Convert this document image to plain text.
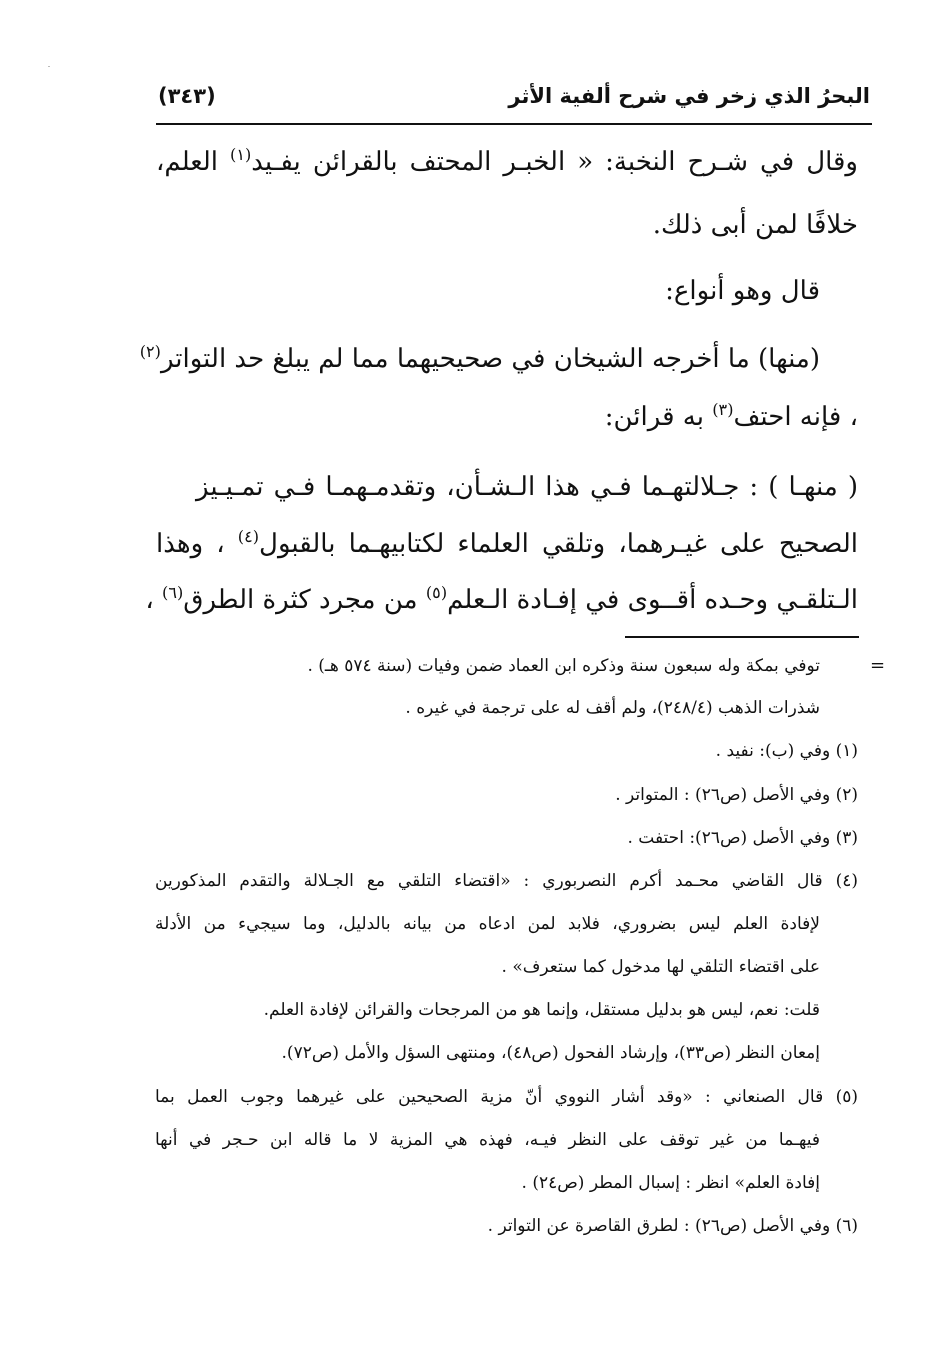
البحرُ الذي زخر في شرح ألفية الأثر
(٣٤٣)
وقال في شـرح النخبة: « الخبـر المحتف بالقرائن يفـيد$^{(١)}$ العلم،
خلافًا لمن أبى ذلك.
قال وهو أنواع:
(منها) ما أخرجه الشيخان في صحيحيهما مما لم يبلغ حد التواتر$^{(٢)}$
، فإنه احتف$^{(٣)}$ به قرائن:
( منهـا ) : جـلالتهـما فـي هذا الـشـأن، وتقدمـهمـا فـي تمـيـيز
الصحيح على غيـرهما، وتلقي العلماء لكتابيهـما بالقبول$^{(٤)}$ ، وهذا
الـتلقـي وحـده أقــوى في إفـادة الـعلم$^{(٥)}$ من مجرد كثرة الطرق$^{(٦)}$ ،
=
توفي بمكة وله سبعون سنة وذكره ابن العماد ضمن وفيات (سنة ٥٧٤ هـ) .
شذرات الذهب (٢٤٨/٤)، ولم أقف له على ترجمة في غيره .
(١) وفي (ب): نفيد .
(٢) وفي الأصل (ص٢٦) : المتواتر .
(٣) وفي الأصل (ص٢٦): احتفت .
(٤) قال القاضي محـمد أكرم النصربوري : «اقتضاء التلقي مع الجـلالة والتقدم المذكورين
لإفادة العلم ليس بضروري، فلابد لمن ادعاه من بيانه بالدليل، وما سيجيء من الأدلة
على اقتضاء التلقي لها مدخول كما ستعرف» .
قلت: نعم، ليس هو بدليل مستقل، وإنما هو من المرجحات والقرائن لإفادة العلم.
إمعان النظر (ص٣٣)، وإرشاد الفحول (ص٤٨)، ومنتهى السؤل والأمل (ص٧٢).
(٥) قال الصنعاني : «وقد أشار النووي أنّ مزية الصحيحين على غيرهما وجوب العمل بما
فيهـما من غير توقف على النظر فيـه، فهذه هي المزية لا ما قاله ابن حـجر في أنها
إفادة العلم» انظر : إسبال المطر (ص٢٤) .
(٦) وفي الأصل (ص٢٦) : لطرق القاصرة عن التواتر .
